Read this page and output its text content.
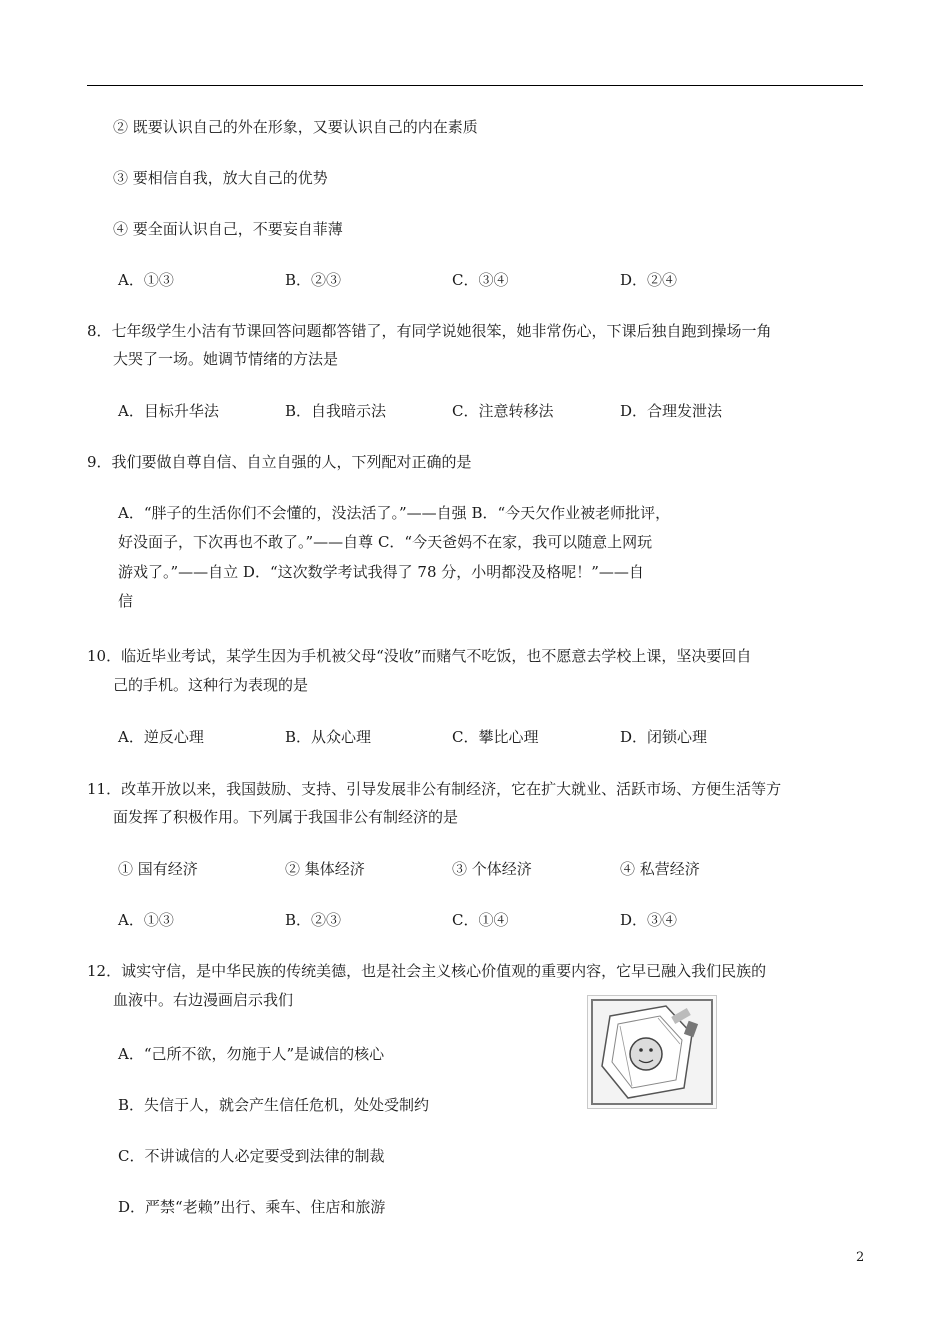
② 既要认识自己的外在形象，又要认识自己的内在素质
③ 要相信自我，放大自己的优势
④ 要全面认识自己，不要妄自菲薄
A．①③	B．②③	C．③④	D．②④
8．七年级学生小洁有节课回答问题都答错了，有同学说她很笨，她非常伤心，下课后独自跑到操场一角
大哭了一场。她调节情绪的方法是
A．目标升华法	B．自我暗示法	C．注意转移法	D．合理发泄法
9．我们要做自尊自信、自立自强的人，下列配对正确的是
A．“胖子的生活你们不会懂的，没法活了。”——自强 B．“今天欠作业被老师批评，
好没面子，下次再也不敢了。”——自尊 C．“今天爸妈不在家，我可以随意上网玩
游戏了。”——自立 D．“这次数学考试我得了 78 分，小明都没及格呢！”——自
信
10．临近毕业考试，某学生因为手机被父母“没收”而赌气不吃饭，也不愿意去学校上课，坚决要回自
己的手机。这种行为表现的是
A．逆反心理	B．从众心理	C．攀比心理	D．闭锁心理
11．改革开放以来，我国鼓励、支持、引导发展非公有制经济，它在扩大就业、活跃市场、方便生活等方
面发挥了积极作用。下列属于我国非公有制经济的是
① 国有经济	② 集体经济	③ 个体经济	④ 私营经济
A．①③	B．②③	C．①④	D．③④
12．诚实守信，是中华民族的传统美德，也是社会主义核心价值观的重要内容，它早已融入我们民族的
血液中。右边漫画启示我们
A．“己所不欲，勿施于人”是诚信的核心
B．失信于人，就会产生信任危机，处处受制约
C．不讲诚信的人必定要受到法律的制裁
D．严禁“老赖”出行、乘车、住店和旅游
2
